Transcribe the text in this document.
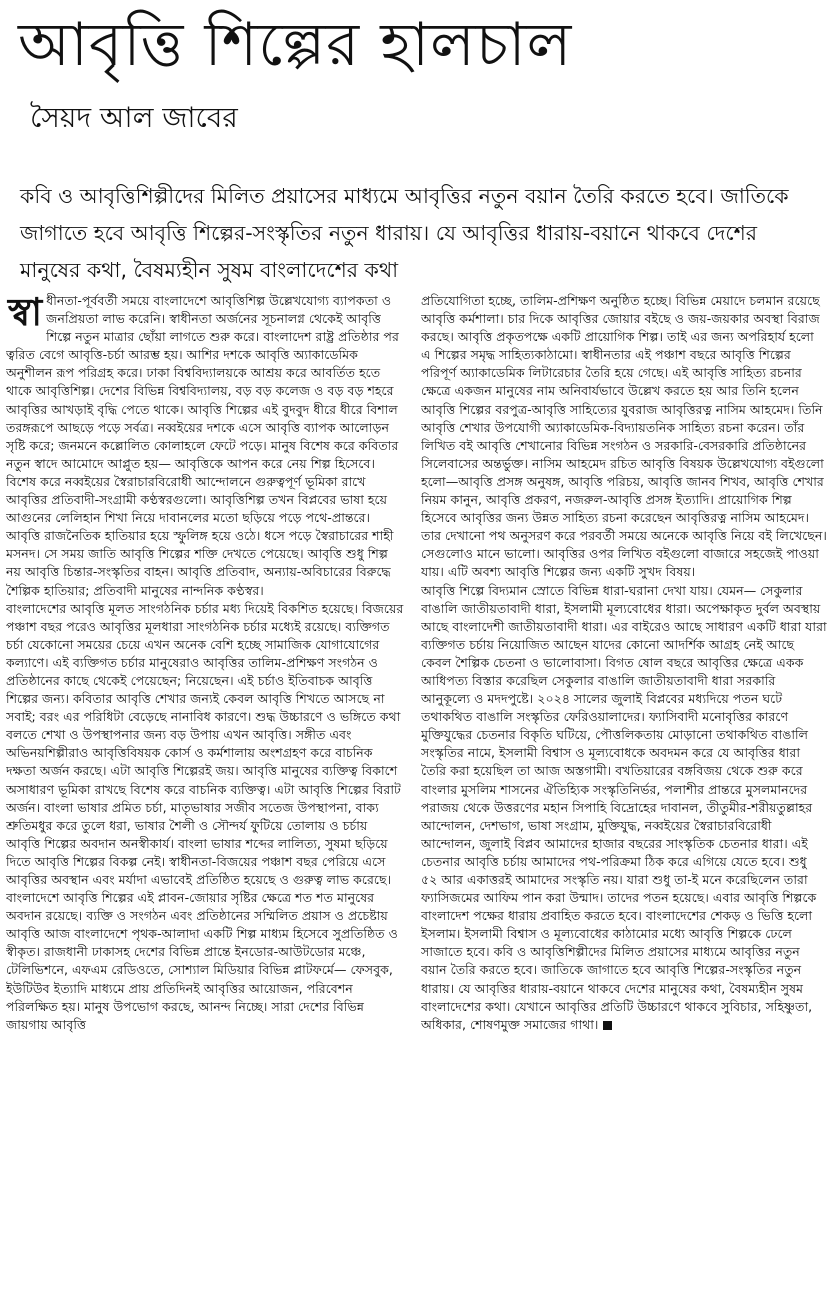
আবৃত্তি শিল্পের হালচাল
সৈয়দ আল জাবের

কবি ও আবৃত্তিশিল্পীদের মিলিত প্রয়াসের মাধ্যমে আবৃত্তির নতুন বয়ান তৈরি করতে হবে। জাতিকে জাগাতে হবে আবৃত্তি শিল্পের-সংস্কৃতির নতুন ধারায়। যে আবৃত্তির ধারায়-বয়ানে থাকবে দেশের মানুষের কথা, বৈষম্যহীন সুষম বাংলাদেশের কথা

স্বা ধীনতা-পূর্ববর্তী সময়ে বাংলাদেশে আবৃত্তিশিল্প উল্লেখযোগ্য ব্যাপকতা ও জনপ্রিয়তা লাভ করেনি। স্বাধীনতা অর্জনের সূচনালগ্ন থেকেই আবৃত্তি শিল্পে নতুন মাত্রার ছোঁয়া লাগতে শুরু করে। বাংলাদেশ রাষ্ট্র প্রতিষ্ঠার পর ত্বরিত বেগে আবৃত্তি-চর্চা আরম্ভ হয়। আশির দশকে আবৃত্তি অ্যাকাডেমিক অনুশীলন রূপ পরিগ্রহ করে। ঢাকা বিশ্ববিদ্যালয়কে আশ্রয় করে আবর্তিত হতে থাকে আবৃত্তিশিল্প। দেশের বিভিন্ন বিশ্ববিদ্যালয়, বড় বড় কলেজ ও বড় বড় শহরে আবৃত্তির আখড়াই বৃদ্ধি পেতে থাকে। আবৃত্তি শিল্পের এই বুদবুদ ধীরে ধীরে বিশাল তরঙ্গরূপে আছড়ে পড়ে সর্বত্র। নব্বইয়ের দশকে এসে আবৃত্তি ব্যাপক আলোড়ন সৃষ্টি করে; জনমনে কল্লোলিত কোলাহলে ফেটে পড়ে। মানুষ বিশেষ করে কবিতার নতুন স্বাদে আমোদে আপ্লুত হয়— আবৃত্তিকে আপন করে নেয় শিল্প হিসেবে। বিশেষ করে নব্বইয়ের স্বৈরাচারবিরোধী আন্দোলনে গুরুত্বপূর্ণ ভূমিকা রাখে আবৃত্তির প্রতিবাদী-সংগ্রামী কণ্ঠস্বরগুলো। আবৃত্তিশিল্প তখন বিপ্লবের ভাষা হয়ে আগুনের লেলিহান শিখা নিয়ে দাবানলের মতো ছড়িয়ে পড়ে পথে-প্রান্তরে। আবৃত্তি রাজনৈতিক হাতিয়ার হয়ে স্ফুলিঙ্গ হয়ে ওঠে। ধসে পড়ে স্বৈরাচারের শাহী মসনদ। সে সময় জাতি আবৃত্তি শিল্পের শক্তি দেখতে পেয়েছে। আবৃত্তি শুধু শিল্প নয় আবৃত্তি চিন্তার-সংস্কৃতির বাহন। আবৃত্তি প্রতিবাদ, অন্যায়-অবিচারের বিরুদ্ধে শৈল্পিক হাতিয়ার; প্রতিবাদী মানুষের নান্দনিক কণ্ঠস্বর।

বাংলাদেশের আবৃত্তি মূলত সাংগঠনিক চর্চার মধ্য দিয়েই বিকশিত হয়েছে। বিজয়ের পঞ্চাশ বছর পরেও আবৃত্তির মূলধারা সাংগঠনিক চর্চার মধ্যেই রয়েছে। ব্যক্তিগত চর্চা যেকোনো সময়ের চেয়ে এখন অনেক বেশি হচ্ছে সামাজিক যোগাযোগের কল্যাণে। এই ব্যক্তিগত চর্চার মানুষেরাও আবৃত্তির তালিম-প্রশিক্ষণ সংগঠন ও প্রতিষ্ঠানের কাছে থেকেই পেয়েছেন; নিয়েছেন। এই চর্চাও ইতিবাচক আবৃত্তি শিল্পের জন্য। কবিতার আবৃত্তি শেখার জন্যই কেবল আবৃত্তি শিখতে আসছে না সবাই; বরং এর পরিধিটা বেড়েছে নানাবিধ কারণে। শুদ্ধ উচ্চারণে ও ভঙ্গিতে কথা বলতে শেখা ও উপস্থাপনার জন্য বড় উপায় এখন আবৃত্তি। সঙ্গীত এবং অভিনয়শিল্পীরাও আবৃত্তিবিষয়ক কোর্স ও কর্মশালায় অংশগ্রহণ করে বাচনিক দক্ষতা অর্জন করছে। এটা আবৃত্তি শিল্পেরই জয়। আবৃত্তি মানুষের ব্যক্তিত্ব বিকাশে অসাধারণ ভূমিকা রাখছে বিশেষ করে বাচনিক ব্যক্তিত্ব। এটা আবৃত্তি শিল্পের বিরাট অর্জন। বাংলা ভাষার প্রমিত চর্চা, মাতৃভাষার সজীব সতেজ উপস্থাপনা, বাক্য শ্রুতিমধুর করে তুলে ধরা, ভাষার শৈলী ও সৌন্দর্য ফুটিয়ে তোলায় ও চর্চায় আবৃত্তি শিল্পের অবদান অনস্বীকার্য। বাংলা ভাষার শব্দের লালিত্য, সুষমা ছড়িয়ে দিতে আবৃত্তি শিল্পের বিকল্প নেই। স্বাধীনতা-বিজয়ের পঞ্চাশ বছর পেরিয়ে এসে আবৃত্তির অবস্থান এবং মর্যাদা এভাবেই প্রতিষ্ঠিত হয়েছে ও গুরুত্ব লাভ করেছে।

বাংলাদেশে আবৃত্তি শিল্পের এই প্লাবন-জোয়ার সৃষ্টির ক্ষেত্রে শত শত মানুষের অবদান রয়েছে। ব্যক্তি ও সংগঠন এবং প্রতিষ্ঠানের সম্মিলিত প্রয়াস ও প্রচেষ্টায় আবৃত্তি আজ বাংলাদেশে পৃথক-আলাদা একটি শিল্প মাধ্যম হিসেবে সুপ্রতিষ্ঠিত ও স্বীকৃত। রাজধানী ঢাকাসহ দেশের বিভিন্ন প্রান্তে ইনডোর-আউটডোর মঞ্চে, টেলিভিশনে, এফএম রেডিওতে, সোশ্যাল মিডিয়ার বিভিন্ন প্লাটফর্মে— ফেসবুক, ইউটিউব ইত্যাদি মাধ্যমে প্রায় প্রতিদিনই আবৃত্তির আয়োজন, পরিবেশন পরিলক্ষিত হয়। মানুষ উপভোগ করছে, আনন্দ নিচ্ছে। সারা দেশের বিভিন্ন জায়গায় আবৃত্তি

প্রতিযোগিতা হচ্ছে, তালিম-প্রশিক্ষণ অনুষ্ঠিত হচ্ছে। বিভিন্ন মেয়াদে চলমান রয়েছে আবৃত্তি কর্মশালা। চার দিকে আবৃত্তির জোয়ার বইছে ও জয়-জয়কার অবস্থা বিরাজ করছে। আবৃত্তি প্রকৃতপক্ষে একটি প্রায়োগিক শিল্প। তাই এর জন্য অপরিহার্য হলো এ শিল্পের সমৃদ্ধ সাহিত্যকাঠামো। স্বাধীনতার এই পঞ্চাশ বছরে আবৃত্তি শিল্পের পরিপূর্ণ অ্যাকাডেমিক লিটারেচার তৈরি হয়ে গেছে। এই আবৃত্তি সাহিত্য রচনার ক্ষেত্রে একজন মানুষের নাম অনিবার্যভাবে উল্লেখ করতে হয় আর তিনি হলেন আবৃত্তি শিল্পের বরপুত্র-আবৃত্তি সাহিত্যের যুবরাজ আবৃত্তিরত্ন নাসিম আহমেদ। তিনি আবৃত্তি শেখার উপযোগী অ্যাকাডেমিক-বিদ্যায়তনিক সাহিত্য রচনা করেন। তাঁর লিখিত বই আবৃত্তি শেখানোর বিভিন্ন সংগঠন ও সরকারি-বেসরকারি প্রতিষ্ঠানের সিলেবাসের অন্তর্ভুক্ত। নাসিম আহমেদ রচিত আবৃত্তি বিষয়ক উল্লেখযোগ্য বইগুলো হলো—আবৃত্তি প্রসঙ্গ অনুষঙ্গ, আবৃত্তি পরিচয়, আবৃত্তি জানব শিখব, আবৃত্তি শেখার নিয়ম কানুন, আবৃত্তি প্রকরণ, নজরুল-আবৃত্তি প্রসঙ্গ ইত্যাদি। প্রায়োগিক শিল্প হিসেবে আবৃত্তির জন্য উন্নত সাহিত্য রচনা করেছেন আবৃত্তিরত্ন নাসিম আহমেদ। তার দেখানো পথ অনুসরণ করে পরবর্তী সময়ে অনেকে আবৃত্তি নিয়ে বই লিখেছেন। সেগুলোও মানে ভালো। আবৃত্তির ওপর লিখিত বইগুলো বাজারে সহজেই পাওয়া যায়। এটি অবশ্য আবৃত্তি শিল্পের জন্য একটি সুখদ বিষয়।

আবৃত্তি শিল্পে বিদ্যমান স্রোতে বিভিন্ন ধারা-ঘরানা দেখা যায়। যেমন— সেকুলার বাঙালি জাতীয়তাবাদী ধারা, ইসলামী মূল্যবোধের ধারা। অপেক্ষাকৃত দুর্বল অবস্থায় আছে বাংলাদেশী জাতীয়তাবাদী ধারা। এর বাইরেও আছে সাধারণ একটি ধারা যারা ব্যক্তিগত চর্চায় নিয়োজিত আছেন যাদের কোনো আদর্শিক আগ্রহ নেই আছে কেবল শৈল্পিক চেতনা ও ভালোবাসা। বিগত ষোল বছরে আবৃত্তির ক্ষেত্রে একক আধিপত্য বিস্তার করেছিল সেকুলার বাঙালি জাতীয়তাবাদী ধারা সরকারি আনুকূল্যে ও মদদপুষ্টে। ২০২৪ সালের জুলাই বিপ্লবের মধ্যদিয়ে পতন ঘটে তথাকথিত বাঙালি সংস্কৃতির ফেরিওয়ালাদের। ফ্যাসিবাদী মনোবৃত্তির কারণে মুক্তিযুদ্ধের চেতনার বিকৃতি ঘটিয়ে, পৌত্তলিকতায় মোড়ানো তথাকথিত বাঙালি সংস্কৃতির নামে, ইসলামী বিশ্বাস ও মূল্যবোধকে অবদমন করে যে আবৃত্তির ধারা তৈরি করা হয়েছিল তা আজ অস্তগামী। বখতিয়ারের বঙ্গবিজয় থেকে শুরু করে বাংলার মুসলিম শাসনের ঐতিহ্যিক সংস্কৃতিনির্ভর, পলাশীর প্রান্তরে মুসলমানদের পরাজয় থেকে উত্তরণের মহান সিপাহি বিদ্রোহের দাবানল, তীতুমীর-শরীয়তুল্লাহর আন্দোলন, দেশভাগ, ভাষা সংগ্রাম, মুক্তিযুদ্ধ, নব্বইয়ের স্বৈরাচারবিরোধী আন্দোলন, জুলাই বিপ্লব আমাদের হাজার বছরের সাংস্কৃতিক চেতনার ধারা। এই চেতনার আবৃত্তি চর্চায় আমাদের পথ-পরিক্রমা ঠিক করে এগিয়ে যেতে হবে। শুধু ৫২ আর একাত্তরই আমাদের সংস্কৃতি নয়। যারা শুধু তা-ই মনে করেছিলেন তারা ফ্যাসিজমের আফিম পান করা উন্মাদ। তাদের পতন হয়েছে। এবার আবৃত্তি শিল্পকে বাংলাদেশ পক্ষের ধারায় প্রবাহিত করতে হবে। বাংলাদেশের শেকড় ও ভিত্তি হলো ইসলাম। ইসলামী বিশ্বাস ও মূল্যবোধের কাঠামোর মধ্যে আবৃত্তি শিল্পকে ঢেলে সাজাতে হবে। কবি ও আবৃত্তিশিল্পীদের মিলিত প্রয়াসের মাধ্যমে আবৃত্তির নতুন বয়ান তৈরি করতে হবে। জাতিকে জাগাতে হবে আবৃত্তি শিল্পের-সংস্কৃতির নতুন ধারায়। যে আবৃত্তির ধারায়-বয়ানে থাকবে দেশের মানুষের কথা, বৈষম্যহীন সুষম বাংলাদেশের কথা। যেখানে আবৃত্তির প্রতিটি উচ্চারণে থাকবে সুবিচার, সহিষ্ণুতা, অধিকার, শোষণমুক্ত সমাজের গাথা।
